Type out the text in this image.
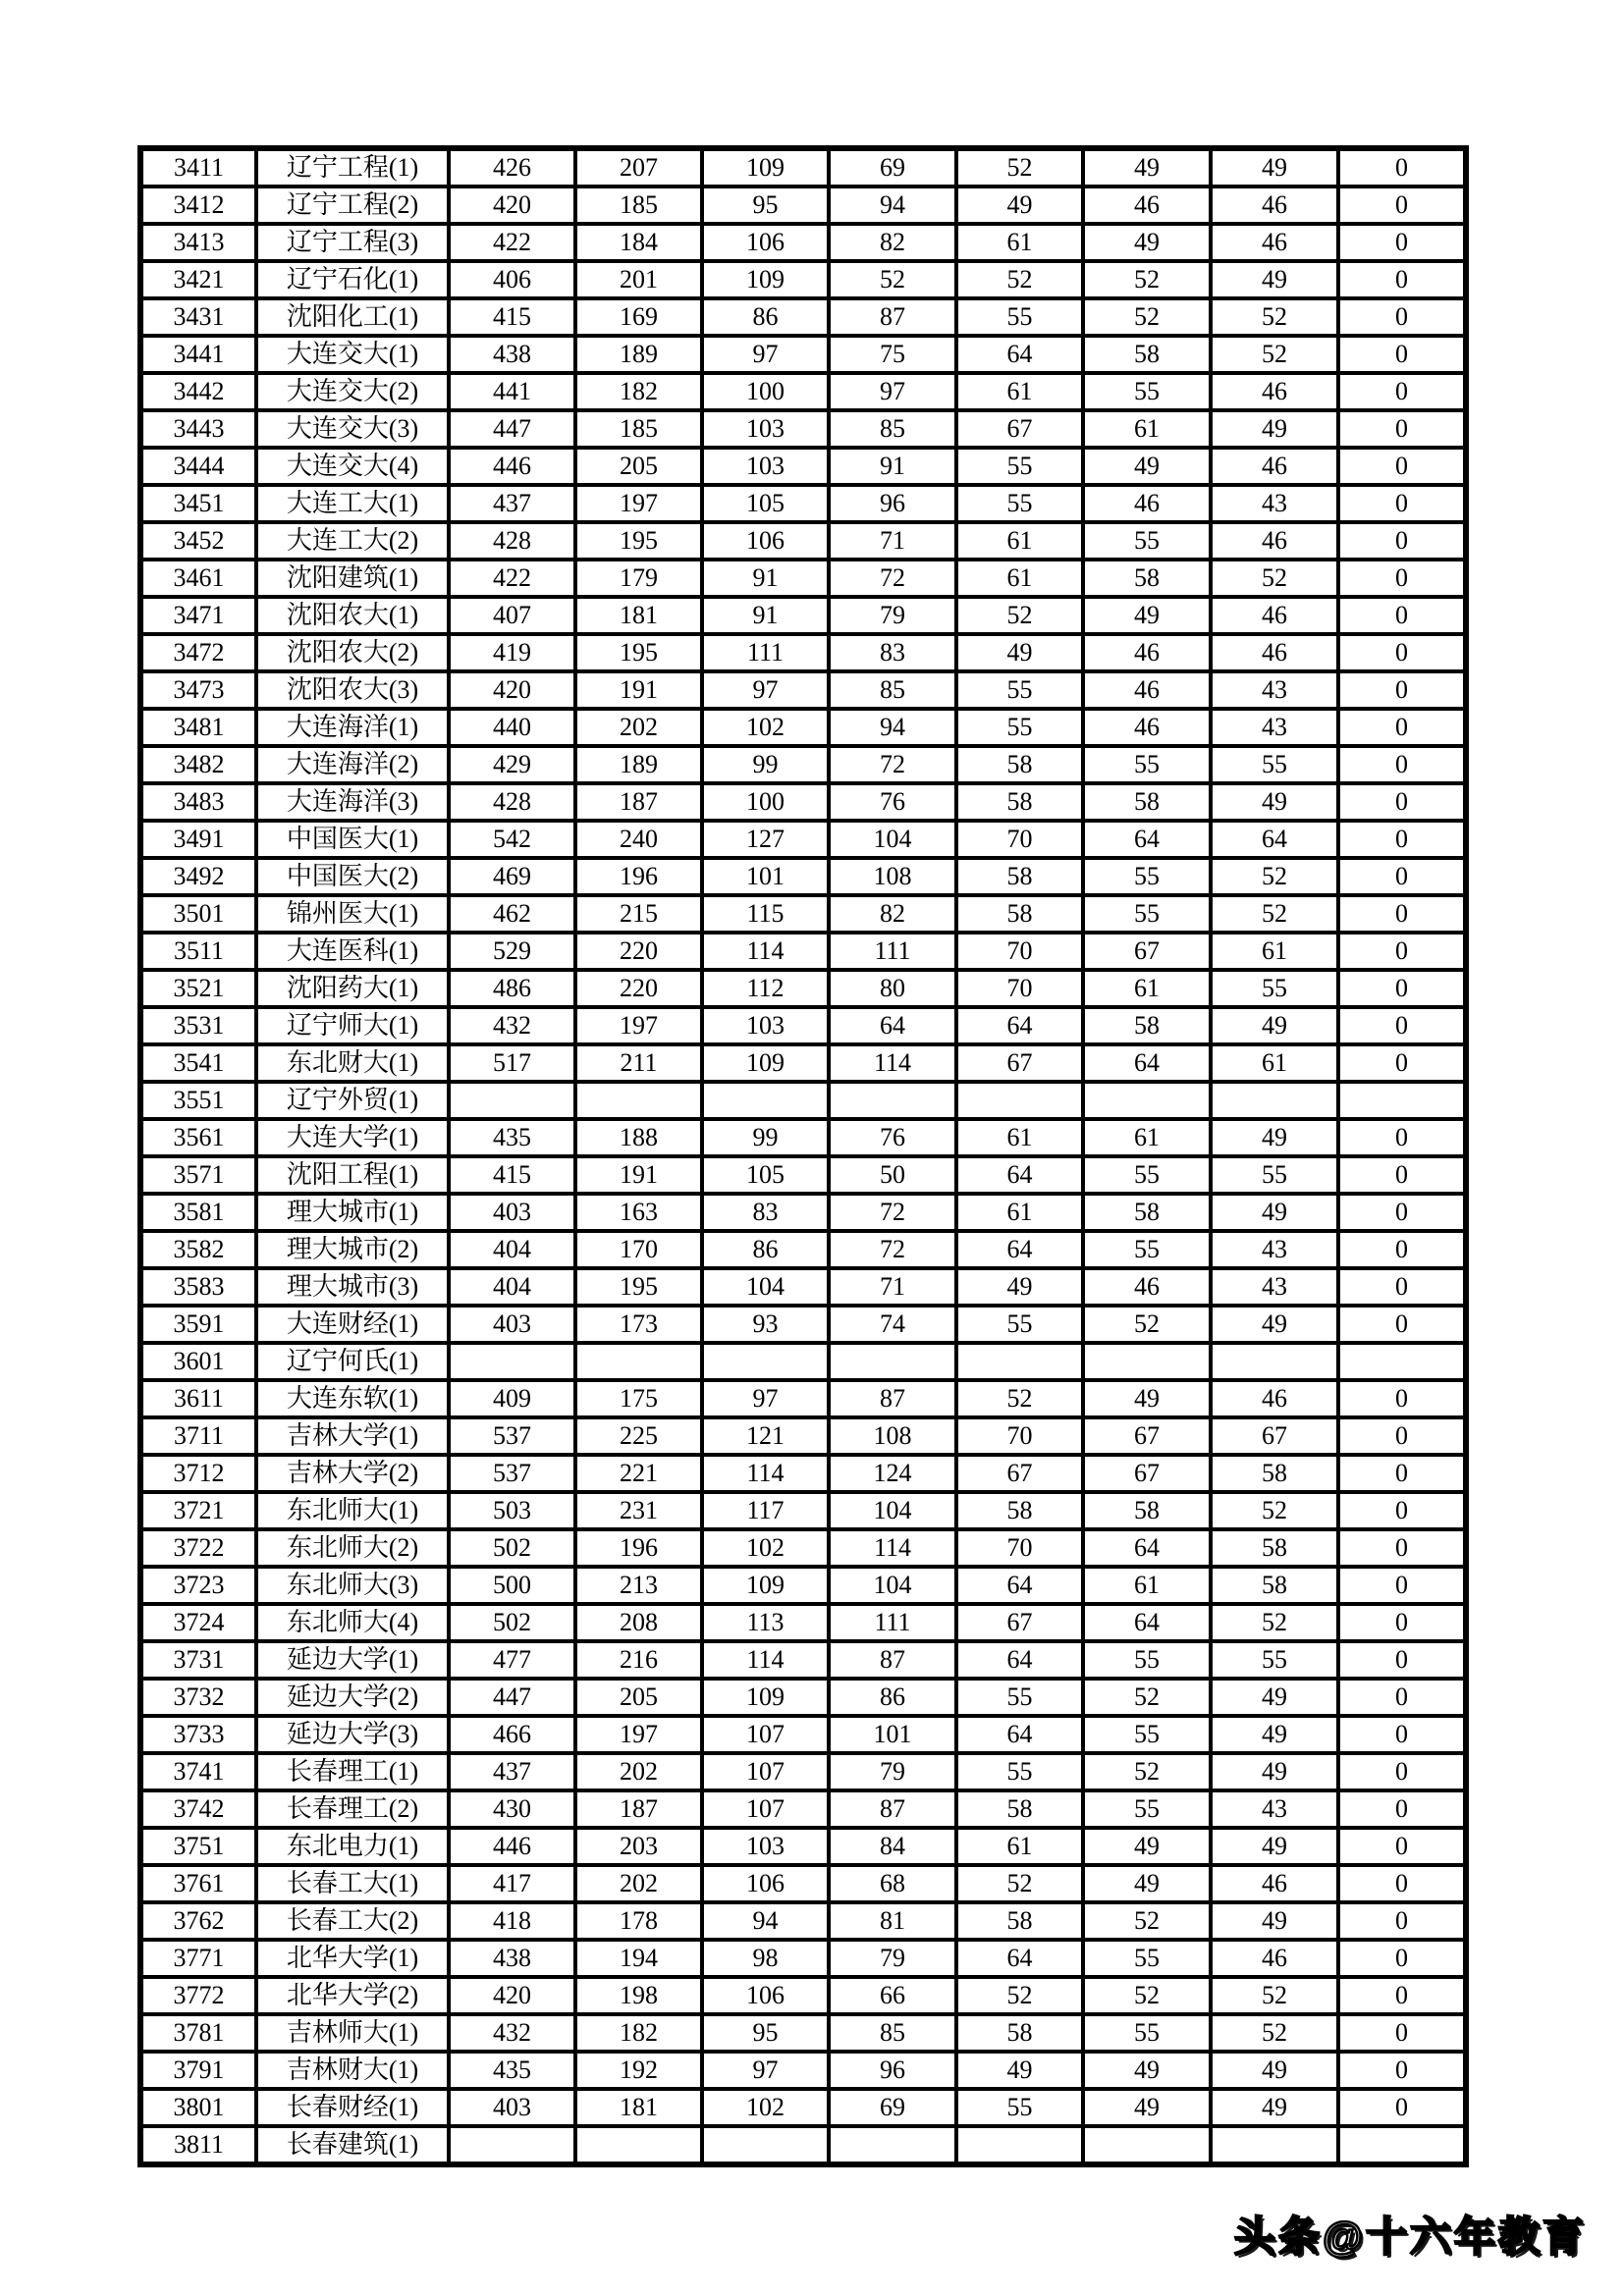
3411	辽宁工程(1)	426	207	109	69	52	49	49	0
3412	辽宁工程(2)	420	185	95	94	49	46	46	0
3413	辽宁工程(3)	422	184	106	82	61	49	46	0
3421	辽宁石化(1)	406	201	109	52	52	52	49	0
3431	沈阳化工(1)	415	169	86	87	55	52	52	0
3441	大连交大(1)	438	189	97	75	64	58	52	0
3442	大连交大(2)	441	182	100	97	61	55	46	0
3443	大连交大(3)	447	185	103	85	67	61	49	0
3444	大连交大(4)	446	205	103	91	55	49	46	0
3451	大连工大(1)	437	197	105	96	55	46	43	0
3452	大连工大(2)	428	195	106	71	61	55	46	0
3461	沈阳建筑(1)	422	179	91	72	61	58	52	0
3471	沈阳农大(1)	407	181	91	79	52	49	46	0
3472	沈阳农大(2)	419	195	111	83	49	46	46	0
3473	沈阳农大(3)	420	191	97	85	55	46	43	0
3481	大连海洋(1)	440	202	102	94	55	46	43	0
3482	大连海洋(2)	429	189	99	72	58	55	55	0
3483	大连海洋(3)	428	187	100	76	58	58	49	0
3491	中国医大(1)	542	240	127	104	70	64	64	0
3492	中国医大(2)	469	196	101	108	58	55	52	0
3501	锦州医大(1)	462	215	115	82	58	55	52	0
3511	大连医科(1)	529	220	114	111	70	67	61	0
3521	沈阳药大(1)	486	220	112	80	70	61	55	0
3531	辽宁师大(1)	432	197	103	64	64	58	49	0
3541	东北财大(1)	517	211	109	114	67	64	61	0
3551	辽宁外贸(1)								
3561	大连大学(1)	435	188	99	76	61	61	49	0
3571	沈阳工程(1)	415	191	105	50	64	55	55	0
3581	理大城市(1)	403	163	83	72	61	58	49	0
3582	理大城市(2)	404	170	86	72	64	55	43	0
3583	理大城市(3)	404	195	104	71	49	46	43	0
3591	大连财经(1)	403	173	93	74	55	52	49	0
3601	辽宁何氏(1)								
3611	大连东软(1)	409	175	97	87	52	49	46	0
3711	吉林大学(1)	537	225	121	108	70	67	67	0
3712	吉林大学(2)	537	221	114	124	67	67	58	0
3721	东北师大(1)	503	231	117	104	58	58	52	0
3722	东北师大(2)	502	196	102	114	70	64	58	0
3723	东北师大(3)	500	213	109	104	64	61	58	0
3724	东北师大(4)	502	208	113	111	67	64	52	0
3731	延边大学(1)	477	216	114	87	64	55	55	0
3732	延边大学(2)	447	205	109	86	55	52	49	0
3733	延边大学(3)	466	197	107	101	64	55	49	0
3741	长春理工(1)	437	202	107	79	55	52	49	0
3742	长春理工(2)	430	187	107	87	58	55	43	0
3751	东北电力(1)	446	203	103	84	61	49	49	0
3761	长春工大(1)	417	202	106	68	52	49	46	0
3762	长春工大(2)	418	178	94	81	58	52	49	0
3771	北华大学(1)	438	194	98	79	64	55	46	0
3772	北华大学(2)	420	198	106	66	52	52	52	0
3781	吉林师大(1)	432	182	95	85	58	55	52	0
3791	吉林财大(1)	435	192	97	96	49	49	49	0
3801	长春财经(1)	403	181	102	69	55	49	49	0
3811	长春建筑(1)								
头条@十六年教育
